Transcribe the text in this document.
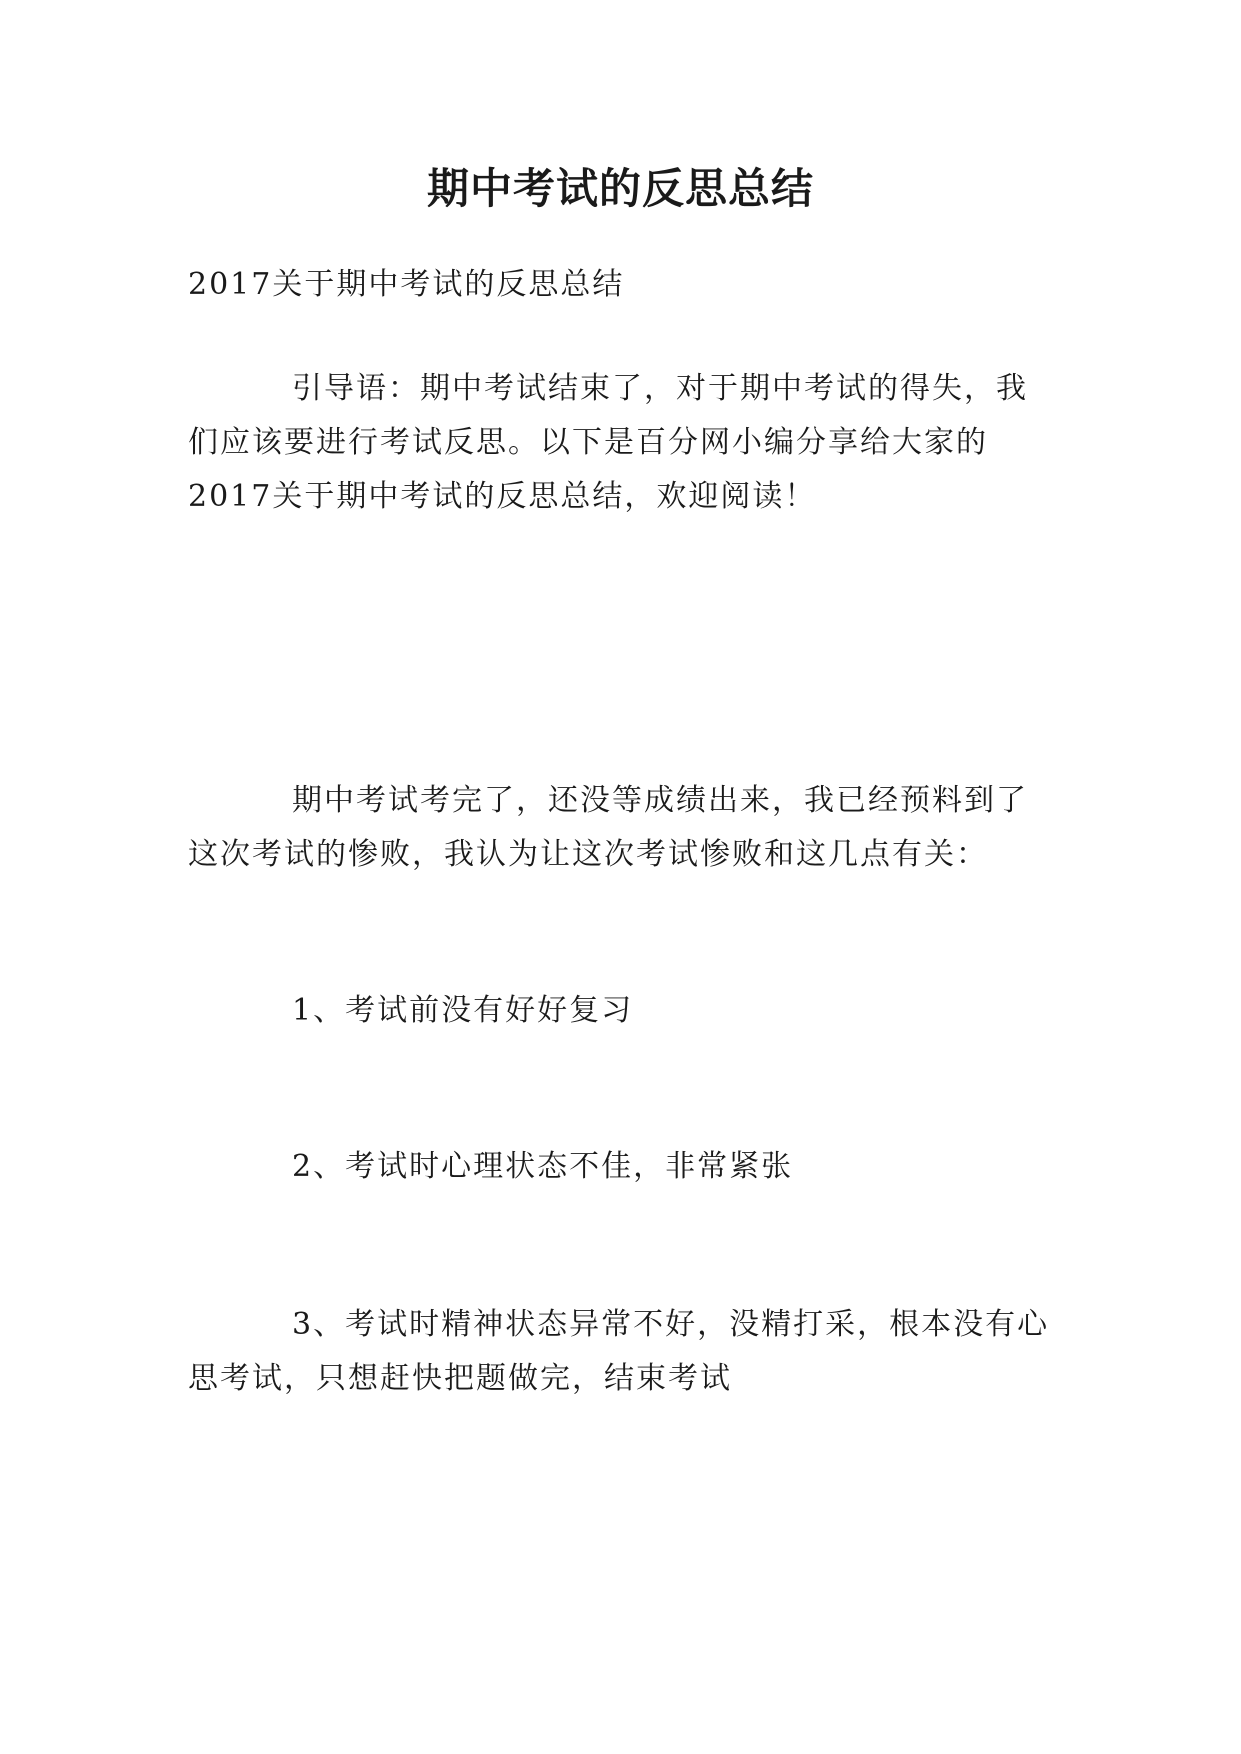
期中考试的反思总结

2017关于期中考试的反思总结

引导语：期中考试结束了，对于期中考试的得失，我们应该要进行考试反思。以下是百分网小编分享给大家的2017关于期中考试的反思总结，欢迎阅读！

期中考试考完了，还没等成绩出来，我已经预料到了这次考试的惨败，我认为让这次考试惨败和这几点有关：

1、考试前没有好好复习

2、考试时心理状态不佳，非常紧张

3、考试时精神状态异常不好，没精打采，根本没有心思考试，只想赶快把题做完，结束考试
